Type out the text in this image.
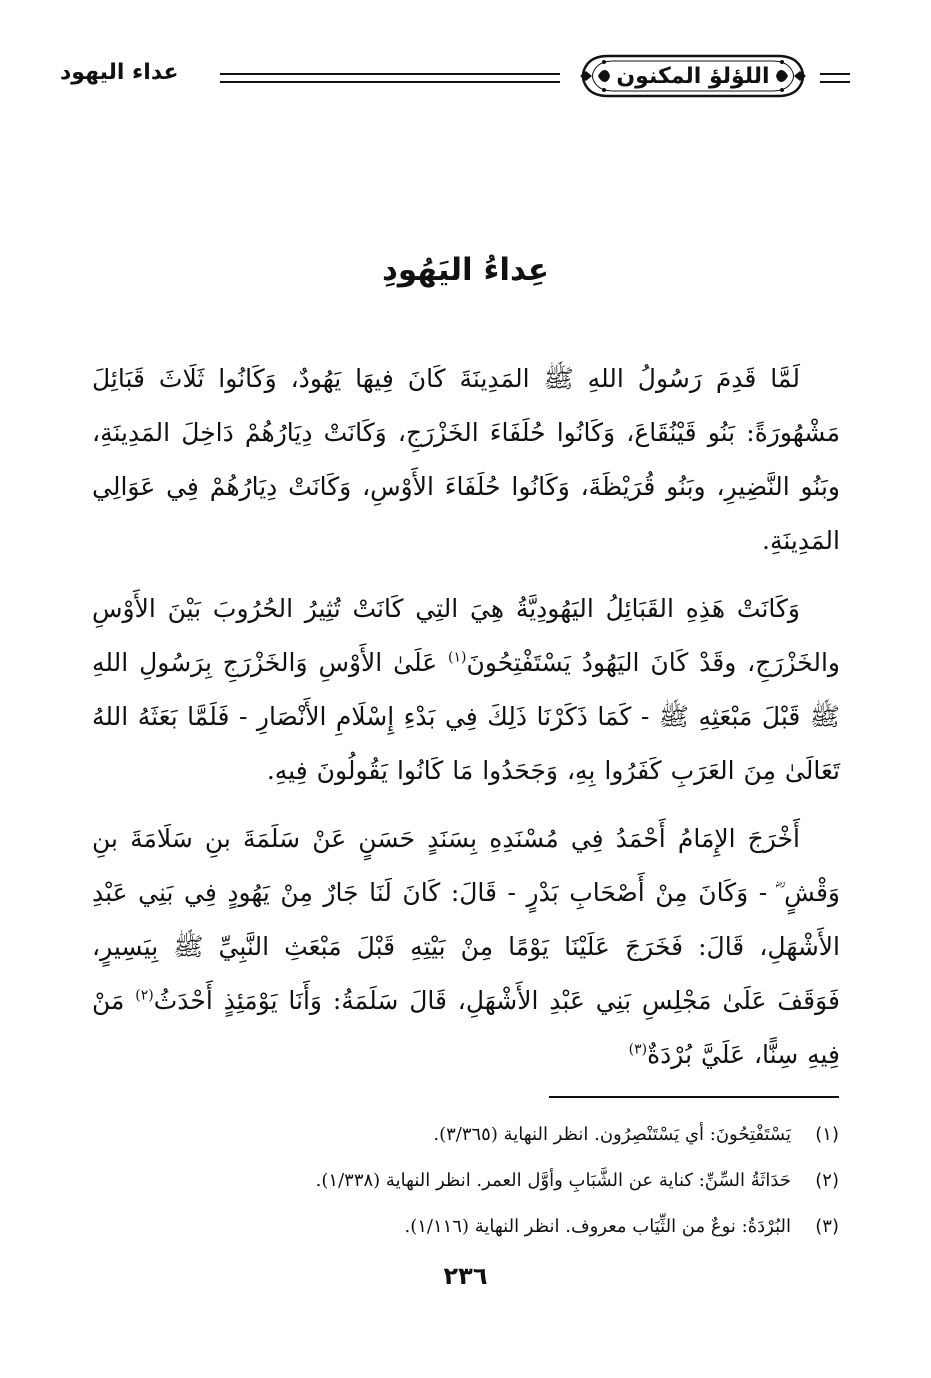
اللؤلؤ المكنون
عداء اليهود
عِداءُ اليَهُودِ

لَمَّا قَدِمَ رَسُولُ اللهِ ﷺ المَدِينَةَ كَانَ فِيهَا يَهُودٌ، وَكَانُوا ثَلَاثَ قَبَائِلَ مَشْهُورَةً: بَنُو قَيْنُقَاعَ، وَكَانُوا حُلَفَاءَ الخَزْرَجِ، وَكَانَتْ دِيَارُهُمْ دَاخِلَ المَدِينَةِ، وبَنُو النَّضِيرِ، وبَنُو قُرَيْظَةَ، وَكَانُوا حُلَفَاءَ الأَوْسِ، وَكَانَتْ دِيَارُهُمْ فِي عَوَالِي المَدِينَةِ.

وَكَانَتْ هَذِهِ القَبَائِلُ اليَهُودِيَّةُ هِيَ التِي كَانَتْ تُثِيرُ الحُرُوبَ بَيْنَ الأَوْسِ والخَزْرَجِ، وقَدْ كَانَ اليَهُودُ يَسْتَفْتِحُونَ$^{(١)}$ عَلَىٰ الأَوْسِ وَالخَزْرَجِ بِرَسُولِ اللهِ ﷺ قَبْلَ مَبْعَثِهِ ﷺ - كَمَا ذَكَرْنَا ذَلِكَ فِي بَدْءِ إِسْلَامِ الأَنْصَارِ - فَلَمَّا بَعَثَهُ اللهُ تَعَالَىٰ مِنَ العَرَبِ كَفَرُوا بِهِ، وَجَحَدُوا مَا كَانُوا يَقُولُونَ فِيهِ.

أَخْرَجَ الإِمَامُ أَحْمَدُ فِي مُسْنَدِهِ بِسَنَدٍ حَسَنٍ عَنْ سَلَمَةَ بنِ سَلَامَةَ بنِ وَقْشٍ ؓ - وَكَانَ مِنْ أَصْحَابِ بَدْرٍ - قَالَ: كَانَ لَنَا جَارٌ مِنْ يَهُودٍ فِي بَنِي عَبْدِ الأَشْهَلِ، قَالَ: فَخَرَجَ عَلَيْنَا يَوْمًا مِنْ بَيْتِهِ قَبْلَ مَبْعَثِ النَّبِيِّ ﷺ بِيَسِيرٍ، فَوَقَفَ عَلَىٰ مَجْلِسِ بَنِي عَبْدِ الأَشْهَلِ، قَالَ سَلَمَةُ: وَأَنَا يَوْمَئِذٍ أَحْدَثُ$^{(٢)}$ مَنْ فِيهِ سِنًّا، عَلَيَّ بُرْدَةٌ$^{(٣)}$

(١)
يَسْتَفْتِحُونَ: أي يَسْتَنْصِرُون. انظر النهاية (٣/٣٦٥).
(٢)
حَدَاثَةُ السِّنِّ: كناية عن الشَّبَابِ وأوَّل العمر. انظر النهاية (١/٣٣٨).
(٣)
البُرْدَةُ: نوعٌ من الثِّيَاب معروف. انظر النهاية (١/١١٦).
٢٣٦
